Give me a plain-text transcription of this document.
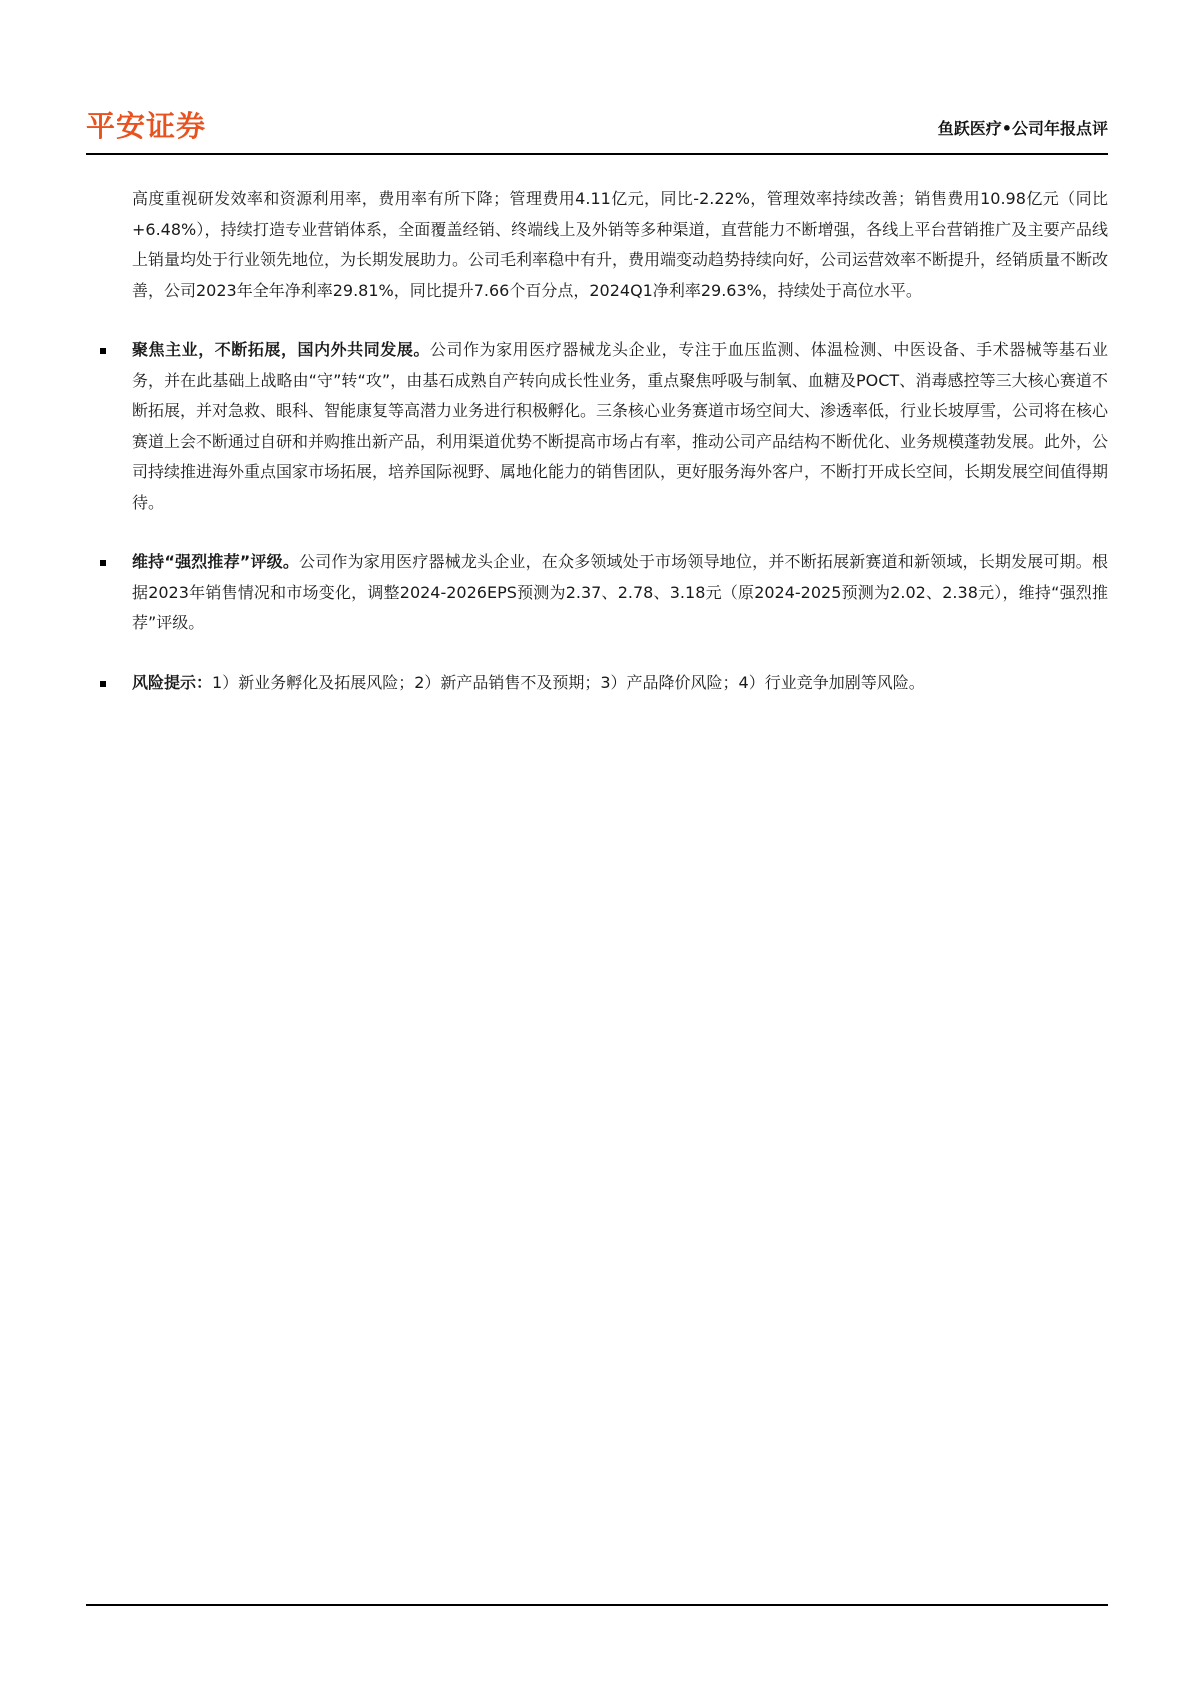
平安证券	鱼跃医疗•公司年报点评

高度重视研发效率和资源利用率，费用率有所下降；管理费用4.11亿元，同比-2.22%，管理效率持续改善；销售费用10.98亿元（同比+6.48%），持续打造专业营销体系，全面覆盖经销、终端线上及外销等多种渠道，直营能力不断增强，各线上平台营销推广及主要产品线上销量均处于行业领先地位，为长期发展助力。公司毛利率稳中有升，费用端变动趋势持续向好，公司运营效率不断提升，经销质量不断改善，公司2023年全年净利率29.81%，同比提升7.66个百分点，2024Q1净利率29.63%，持续处于高位水平。

聚焦主业，不断拓展，国内外共同发展。公司作为家用医疗器械龙头企业，专注于血压监测、体温检测、中医设备、手术器械等基石业务，并在此基础上战略由“守”转“攻”，由基石成熟自产转向成长性业务，重点聚焦呼吸与制氧、血糖及POCT、消毒感控等三大核心赛道不断拓展，并对急救、眼科、智能康复等高潜力业务进行积极孵化。三条核心业务赛道市场空间大、渗透率低，行业长坡厚雪，公司将在核心赛道上会不断通过自研和并购推出新产品，利用渠道优势不断提高市场占有率，推动公司产品结构不断优化、业务规模蓬勃发展。此外，公司持续推进海外重点国家市场拓展，培养国际视野、属地化能力的销售团队，更好服务海外客户，不断打开成长空间，长期发展空间值得期待。
维持“强烈推荐”评级。公司作为家用医疗器械龙头企业，在众多领域处于市场领导地位，并不断拓展新赛道和新领域，长期发展可期。根据2023年销售情况和市场变化，调整2024-2026EPS预测为2.37、2.78、3.18元（原2024-2025预测为2.02、2.38元），维持“强烈推荐”评级。
风险提示：1）新业务孵化及拓展风险；2）新产品销售不及预期；3）产品降价风险；4）行业竞争加剧等风险。
